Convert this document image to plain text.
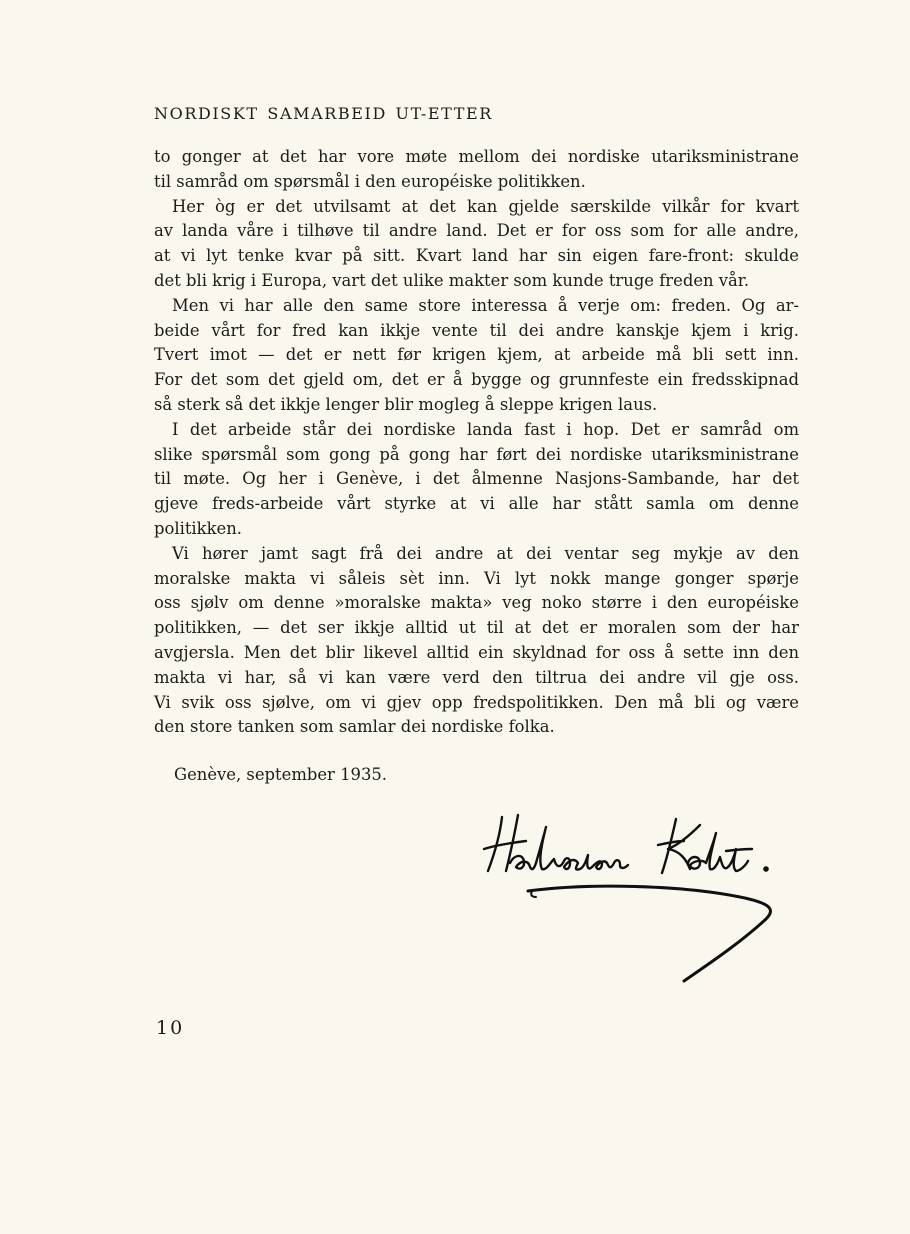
NORDISKT SAMARBEID UT-ETTER
to gonger at det har vore møte mellom dei nordiske utariksministrane
til samråd om spørsmål i den européiske politikken.
Her òg er det utvilsamt at det kan gjelde særskilde vilkår for kvart
av landa våre i tilhøve til andre land. Det er for oss som for alle andre,
at vi lyt tenke kvar på sitt. Kvart land har sin eigen fare-front: skulde
det bli krig i Europa, vart det ulike makter som kunde truge freden vår.
Men vi har alle den same store interessa å verje om: freden. Og ar-
beide vårt for fred kan ikkje vente til dei andre kanskje kjem i krig.
Tvert imot — det er nett før krigen kjem, at arbeide må bli sett inn.
For det som det gjeld om, det er å bygge og grunnfeste ein fredsskipnad
så sterk så det ikkje lenger blir mogleg å sleppe krigen laus.
I det arbeide står dei nordiske landa fast i hop. Det er samråd om
slike spørsmål som gong på gong har ført dei nordiske utariksministrane
til møte. Og her i Genève, i det ålmenne Nasjons-Sambande, har det
gjeve freds-arbeide vårt styrke at vi alle har stått samla om denne
politikken.
Vi hører jamt sagt frå dei andre at dei ventar seg mykje av den
moralske makta vi såleis sèt inn. Vi lyt nokk mange gonger spørje
oss sjølv om denne »moralske makta» veg noko større i den européiske
politikken, — det ser ikkje alltid ut til at det er moralen som der har
avgjersla. Men det blir likevel alltid ein skyldnad for oss å sette inn den
makta vi har, så vi kan være verd den tiltrua dei andre vil gje oss.
Vi svik oss sjølve, om vi gjev opp fredspolitikken. Den må bli og være
den store tanken som samlar dei nordiske folka.
Genève, september 1935.
10
